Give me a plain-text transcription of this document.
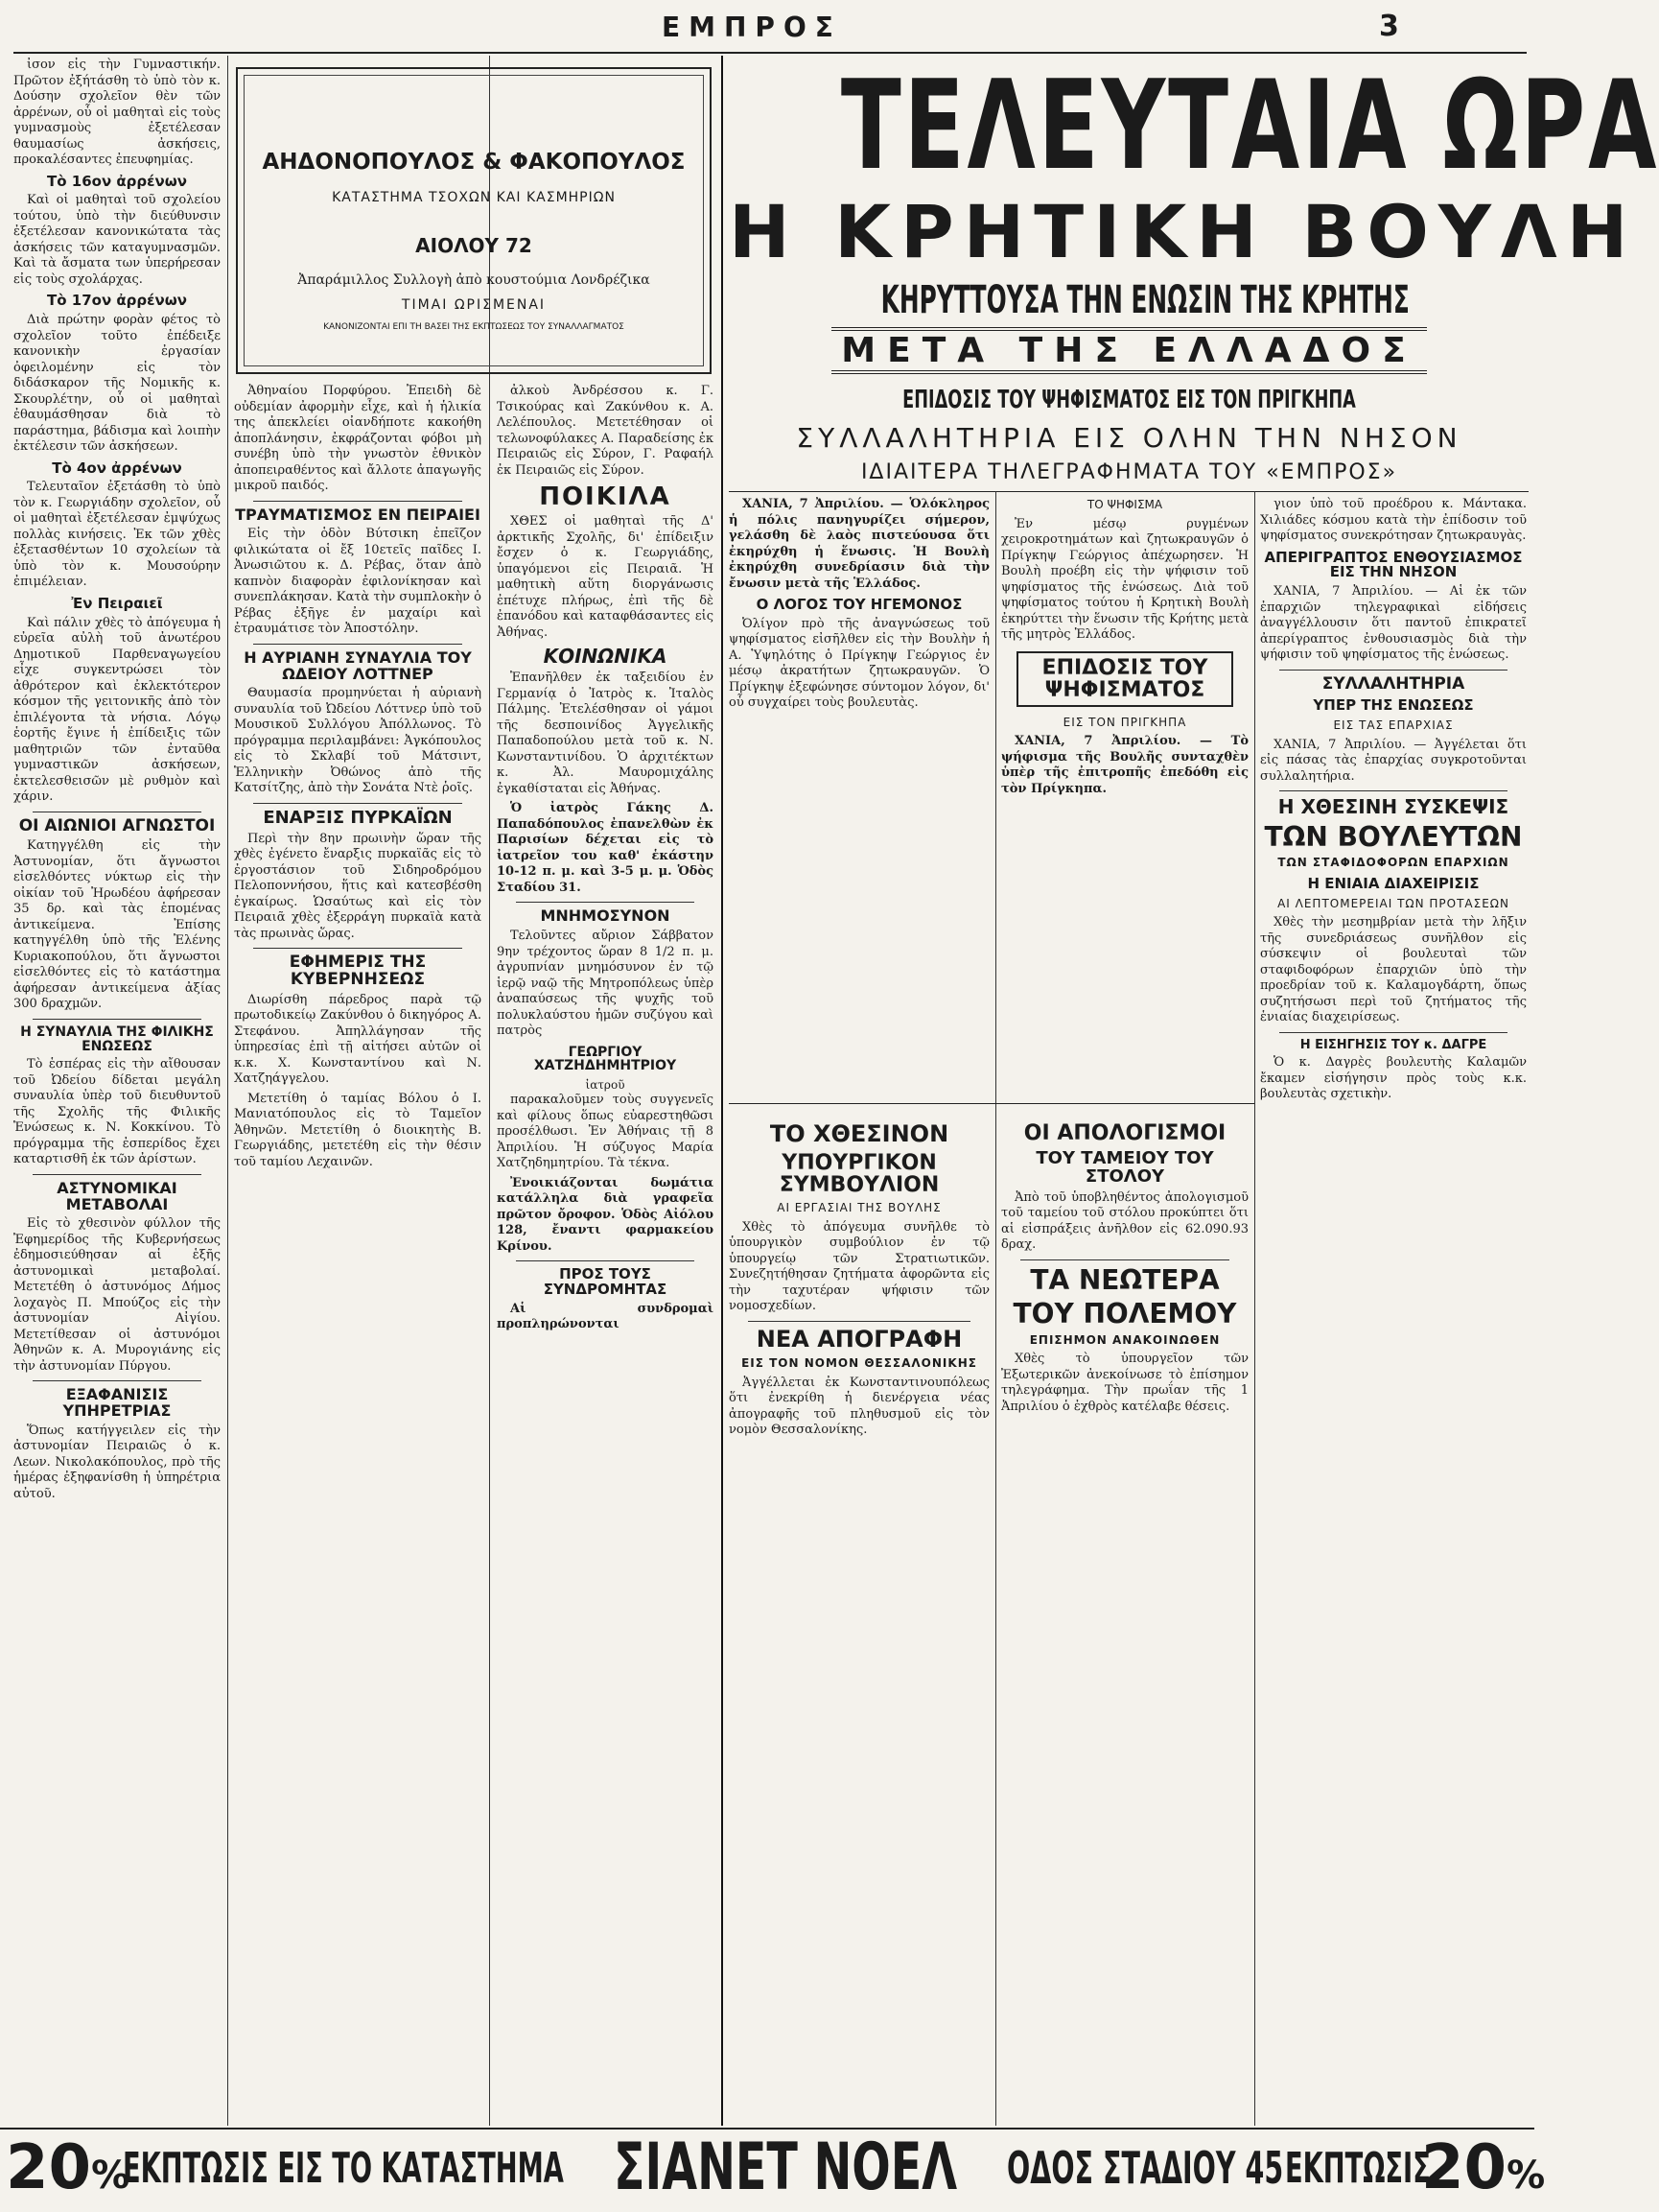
ΕΜΠΡΟΣ	3

ἰσον εἰς τὴν Γυμναστικήν. Πρῶτον ἐξήτάσθη τὸ ὑπὸ τὸν κ. Δούσην σχολεῖον θὲν τῶν ἀρρένων, οὗ οἱ μαθηταὶ εἰς τοὺς γυμνασμοὺς ἐξετέλεσαν θαυμασίως ἀσκήσεις, προκαλέσαντες ἐπευφημίας.

Τὸ 16ον ἀρρένων

Καὶ οἱ μαθηταὶ τοῦ σχολείου τούτου, ὑπὸ τὴν διεύθυνσιν ἐξετέλεσαν κανονικώτατα τὰς ἀσκήσεις τῶν καταγυμνασμῶν. Καὶ τὰ ἄσματα των ὑπερήρεσαν εἰς τοὺς σχολάρχας.

Τὸ 17ον ἀρρένων

Διὰ πρώτην φορὰν φέτος τὸ σχολεῖον τοῦτο ἐπέδειξε κανονικὴν ἐργασίαν ὀφειλομένην εἰς τὸν διδάσκαρον τῆς Νομικῆς κ. Σκουρλέτην, οὗ οἱ μαθηταὶ ἐθαυμάσθησαν διὰ τὸ παράστημα, βάδισμα καὶ λοιπὴν ἐκτέλεσιν τῶν ἀσκήσεων.

Τὸ 4ον ἀρρένων

Τελευταῖον ἐξετάσθη τὸ ὑπὸ τὸν κ. Γεωργιάδην σχολεῖον, οὗ οἱ μαθηταὶ ἐξετέλεσαν ἐμψύχως πολλὰς κινήσεις. Ἐκ τῶν χθὲς ἐξετασθέντων 10 σχολείων τὰ ὑπὸ τὸν κ. Μουσούρην ἐπιμέλειαν.

Ἐν Πειραιεῖ

Καὶ πάλιν χθὲς τὸ ἀπόγευμα ἡ εὐρεῖα αὐλὴ τοῦ ἀνωτέρου Δημοτικοῦ Παρθεναγωγείου εἶχε συγκεντρώσει τὸν ἀθρότερον καὶ ἐκλεκτότερον κόσμον τῆς γειτονικῆς ἀπὸ τὸν ἐπιλέγοντα τὰ νήσια. Λόγῳ ἑορτῆς ἔγινε ἡ ἐπίδειξις τῶν μαθητριῶν τῶν ἐνταῦθα γυμναστικῶν ἀσκήσεων, ἐκτελεσθεισῶν μὲ ρυθμὸν καὶ χάριν.

ΟΙ ΑΙΩΝΙΟΙ ΑΓΝΩΣΤΟΙ

Κατηγγέλθη εἰς τὴν Ἀστυνομίαν, ὅτι ἄγνωστοι εἰσελθόντες νύκτωρ εἰς τὴν οἰκίαν τοῦ Ἠρωδέου ἀφήρεσαν 35 δρ. καὶ τὰς ἑπομένας ἀντικείμενα. Ἐπίσης κατηγγέλθη ὑπὸ τῆς Ἐλένης Κυριακοπούλου, ὅτι ἄγνωστοι εἰσελθόντες εἰς τὸ κατάστημα ἀφήρεσαν ἀντικείμενα ἀξίας 300 δραχμῶν.

Η ΣΥΝΑΥΛΙΑ ΤΗΣ ΦΙΛΙΚΗΣ ΕΝΩΣΕΩΣ

Τὸ ἑσπέρας εἰς τὴν αἴθουσαν τοῦ Ὠδείου δίδεται μεγάλη συναυλία ὑπὲρ τοῦ διευθυντοῦ τῆς Σχολῆς τῆς Φιλικῆς Ἑνώσεως κ. Ν. Κοκκίνου. Τὸ πρόγραμμα τῆς ἐσπερίδος ἔχει καταρτισθῆ ἐκ τῶν ἀρίστων.

ΑΣΤΥΝΟΜΙΚΑΙ ΜΕΤΑΒΟΛΑΙ

Εἰς τὸ χθεσινὸν φύλλον τῆς Ἐφημερίδος τῆς Κυβερνήσεως ἐδημοσιεύθησαν αἱ ἑξῆς ἀστυνομικαὶ μεταβολαί. Μετετέθη ὁ ἀστυνόμος Δήμος λοχαγὸς Π. Μπούζος εἰς τὴν ἀστυνομίαν Αἰγίου. Μετετίθεσαν οἱ ἀστυνόμοι Ἀθηνῶν κ. Α. Μυρογιάνης εἰς τὴν ἀστυνομίαν Πύργου.

ΕΞΑΦΑΝΙΣΙΣ ΥΠΗΡΕΤΡΙΑΣ

Ὅπως κατήγγειλεν εἰς τὴν ἀστυνομίαν Πειραιῶς ὁ κ. Λεων. Νικολακόπουλος, πρὸ τῆς ἡμέρας ἐξηφανίσθη ἡ ὑπηρέτρια αὐτοῦ.

ΑΗΔΟΝΟΠΟΥΛΟΣ & ΦΑΚΟΠΟΥΛΟΣ
ΚΑΤΑΣΤΗΜΑ ΤΣΟΧΩΝ ΚΑΙ ΚΑΣΜΗΡΙΩΝ
ΑΙΟΛΟΥ 72
Ἀπαράμιλλος Συλλογὴ ἀπὸ κουστούμια Λονδρέζικα
ΤΙΜΑΙ ΩΡΙΣΜΕΝΑΙ
ΚΑΝΟΝΙΖΟΝΤΑΙ ΕΠΙ ΤΗ ΒΑΣΕΙ ΤΗΣ ΕΚΠΤΩΣΕΩΣ ΤΟΥ ΣΥΝΑΛΛΑΓΜΑΤΟΣ

Ἀθηναίου Πορφύρου. Ἐπειδὴ δὲ οὐδεμίαν ἀφορμὴν εἶχε, καὶ ἡ ἡλικία της ἀπεκλείει οἰανδήποτε κακοήθη ἀποπλάνησιν, ἐκφράζονται φόβοι μὴ συνέβη ὑπὸ τὴν γνωστὸν ἐθνικὸν ἀποπειραθέντος καὶ ἄλλοτε ἀπαγωγῆς μικροῦ παιδός.

ΤΡΑΥΜΑΤΙΣΜΟΣ ΕΝ ΠΕΙΡΑΙΕΙ

Εἰς τὴν ὁδὸν Βύτσικη ἐπεῖζον φιλικώτατα οἱ ἔξ 10ετεῖς παῖδες Ι. Ἀνωσιῶτου κ. Δ. Ρέβας, ὅταν ἀπὸ καπνὸν διαφορὰν ἐφιλονίκησαν καὶ συνεπλάκησαν. Κατὰ τὴν συμπλοκὴν ὁ Ρέβας ἐξῆγε ἐν μαχαίρι καὶ ἐτραυμάτισε τὸν Ἀποστόλην.

Η ΑΥΡΙΑΝΗ ΣΥΝΑΥΛΙΑ ΤΟΥ ΩΔΕΙΟΥ ΛΟΤΤΝΕΡ

Θαυμασία προμηνύεται ἡ αὐριανὴ συναυλία τοῦ Ὠδείου Λόττνερ ὑπὸ τοῦ Μουσικοῦ Συλλόγου Ἀπόλλωνος. Τὸ πρόγραμμα περιλαμβάνει: Ἀγκόπουλος εἰς τὸ Σκλαβί τοῦ Μάτσιντ, Ἑλληνικὴν Ὀθώνος ἀπὸ τῆς Κατσίτζης, ἀπὸ τὴν Σονάτα Ντὲ ῥοῖς.

ΕΝΑΡΞΙΣ ΠΥΡΚΑΪΩΝ

Περὶ τὴν 8ην πρωινὴν ὥραν τῆς χθὲς ἐγένετο ἔναρξις πυρκαϊᾶς εἰς τὸ ἐργοστάσιον τοῦ Σιδηροδρόμου Πελοποννήσου, ἥτις καὶ κατεσβέσθη ἐγκαίρως. Ὡσαύτως καὶ εἰς τὸν Πειραιᾶ χθὲς ἐξερράγη πυρκαϊὰ κατὰ τὰς πρωινὰς ὥρας.

ΕΦΗΜΕΡΙΣ ΤΗΣ ΚΥΒΕΡΝΗΣΕΩΣ

Διωρίσθη πάρεδρος παρὰ τῷ πρωτοδικείῳ Ζακύνθου ὁ δικηγόρος Α. Στεφάνου. Ἀπηλλάγησαν τῆς ὑπηρεσίας ἐπὶ τῇ αἰτήσει αὐτῶν οἱ κ.κ. Χ. Κωνσταντίνου καὶ Ν. Χατζηάγγελου.

Μετετίθη ὁ ταμίας Βόλου ὁ Ι. Μανιατόπουλος εἰς τὸ Ταμεῖον Ἀθηνῶν. Μετετίθη ὁ διοικητὴς Β. Γεωργιάδης, μετετέθη εἰς τὴν θέσιν τοῦ ταμίου Λεχαινῶν.

ἀλκοὺ Ἀνδρέσσου κ. Γ. Τσικούρας καὶ Ζακύνθου κ. Α. Λελέπουλος. Μετετέθησαν οἱ τελωνοφύλακες Α. Παραδείσης ἐκ Πειραιῶς εἰς Σύρον, Γ. Ραφαήλ ἐκ Πειραιῶς εἰς Σύρον.

ΠΟΙΚΙΛΑ

ΧΘΕΣ οἱ μαθηταὶ τῆς Δ' ἀρκτικῆς Σχολῆς, δι' ἐπίδειξιν ἔσχεν ὁ κ. Γεωργιάδης, ὑπαγόμενοι εἰς Πειραιᾶ. Ἡ μαθητικὴ αὕτη διοργάνωσις ἐπέτυχε πλήρως, ἐπὶ τῆς δὲ ἐπανόδου καὶ καταφθάσαντες εἰς Ἀθήνας.

ΚΟΙΝΩΝΙΚΑ

Ἐπανῆλθεν ἐκ ταξειδίου ἐν Γερμανίᾳ ὁ Ἰατρὸς κ. Ἰταλὸς Πάλμης. Ἐτελέσθησαν οἱ γάμοι τῆς δεσποινίδος Ἀγγελικῆς Παπαδοπούλου μετὰ τοῦ κ. Ν. Κωνσταντινίδου. Ὁ ἀρχιτέκτων κ. Ἀλ. Μαυρομιχάλης ἐγκαθίσταται εἰς Ἀθήνας.

Ὁ ἰατρὸς Γάκης Δ. Παπαδόπουλος ἐπανελθὼν ἐκ Παρισίων δέχεται εἰς τὸ ἰατρεῖον του καθ' ἑκάστην 10-12 π. μ. καὶ 3-5 μ. μ. Ὁδὸς Σταδίου 31.

ΜΝΗΜΟΣΥΝΟΝ

Τελοῦντες αὔριον Σάββατον 9ην τρέχοντος ὥραν 8 1/2 π. μ. ἀγρυπνίαν μνημόσυνον ἐν τῷ ἱερῷ ναῷ τῆς Μητροπόλεως ὑπὲρ ἀναπαύσεως τῆς ψυχῆς τοῦ πολυκλαύστου ἡμῶν συζύγου καὶ πατρὸς

ΓΕΩΡΓΙΟΥ ΧΑΤΖΗΔΗΜΗΤΡΙΟΥ
ἰατροῦ

παρακαλοῦμεν τοὺς συγγενεῖς καὶ φίλους ὅπως εὐαρεστηθῶσι προσέλθωσι. Ἐν Ἀθήναις τῇ 8 Ἀπριλίου. Ἡ σύζυγος Μαρία Χατζηδημητρίου. Τὰ τέκνα.

Ἐνοικιάζονται δωμάτια κατάλληλα διὰ γραφεῖα πρῶτον ὄροφον. Ὁδὸς Αἰόλου 128, ἔναντι φαρμακείου Κρίνου.

ΠΡΟΣ ΤΟΥΣ ΣΥΝΔΡΟΜΗΤΑΣ

Αἱ συνδρομαὶ προπληρώνονται

ΤΕΛΕΥΤΑΙΑ ΩΡΑ
Η ΚΡΗΤΙΚΗ ΒΟΥΛΗ
ΚΗΡΥΤΤΟΥΣΑ ΤΗΝ ΕΝΩΣΙΝ ΤΗΣ ΚΡΗΤΗΣ
ΜΕΤΑ ΤΗΣ ΕΛΛΑΔΟΣ
ΕΠΙΔΟΣΙΣ ΤΟΥ ΨΗΦΙΣΜΑΤΟΣ ΕΙΣ ΤΟΝ ΠΡΙΓΚΗΠΑ
ΣΥΛΛΑΛΗΤΗΡΙΑ ΕΙΣ ΟΛΗΝ ΤΗΝ ΝΗΣΟΝ
ΙΔΙΑΙΤΕΡΑ ΤΗΛΕΓΡΑΦΗΜΑΤΑ ΤΟΥ «ΕΜΠΡΟΣ»

ΧΑΝΙΑ, 7 Ἀπριλίου. — Ὁλόκληρος ἡ πόλις πανηγυρίζει σήμερον, γελάσθη δὲ λαὸς πιστεύουσα ὅτι ἐκηρύχθη ἡ ἕνωσις. Ἡ Βουλὴ ἐκηρύχθη συνεδρίασιν διὰ τὴν ἔνωσιν μετὰ τῆς Ἑλλάδος.

Ο ΛΟΓΟΣ ΤΟΥ ΗΓΕΜΟΝΟΣ

Ὀλίγον πρὸ τῆς ἀναγνώσεως τοῦ ψηφίσματος εἰσῆλθεν εἰς τὴν Βουλὴν ἡ Α. Ὑψηλότης ὁ Πρίγκηψ Γεώργιος ἐν μέσῳ ἀκρατήτων ζητωκραυγῶν. Ὁ Πρίγκηψ ἐξεφώνησε σύντομον λόγον, δι' οὗ συγχαίρει τοὺς βουλευτὰς.

ΤΟ ΨΗΦΙΣΜΑ

Ἐν μέσῳ ρυγμένων χειροκροτημάτων καὶ ζητωκραυγῶν ὁ Πρίγκηψ Γεώργιος ἀπέχωρησεν. Ἡ Βουλὴ προέβη εἰς τὴν ψήφισιν τοῦ ψηφίσματος τῆς ἑνώσεως. Διὰ τοῦ ψηφίσματος τούτου ἡ Κρητικὴ Βουλὴ ἐκηρύττει τὴν ἕνωσιν τῆς Κρήτης μετὰ τῆς μητρὸς Ἑλλάδος.

ΕΠΙΔΟΣΙΣ ΤΟΥ ΨΗΦΙΣΜΑΤΟΣ
ΕΙΣ ΤΟΝ ΠΡΙΓΚΗΠΑ

ΧΑΝΙΑ, 7 Ἀπριλίου. — Τὸ ψήφισμα τῆς Βουλῆς συνταχθὲν ὑπὲρ τῆς ἐπιτροπῆς ἐπεδόθη εἰς τὸν Πρίγκηπα.

γιον ὑπὸ τοῦ προέδρου κ. Μάντακα. Χιλιάδες κόσμου κατὰ τὴν ἐπίδοσιν τοῦ ψηφίσματος συνεκρότησαν ζητωκραυγὰς.

ΑΠΕΡΙΓΡΑΠΤΟΣ ΕΝΘΟΥΣΙΑΣΜΟΣ ΕΙΣ ΤΗΝ ΝΗΣΟΝ

ΧΑΝΙΑ, 7 Ἀπριλίου. — Αἱ ἐκ τῶν ἐπαρχιῶν τηλεγραφικαὶ εἰδήσεις ἀναγγέλλουσιν ὅτι παντοῦ ἐπικρατεῖ ἀπερίγραπτος ἐνθουσιασμὸς διὰ τὴν ψήφισιν τοῦ ψηφίσματος τῆς ἑνώσεως.

ΣΥΛΛΑΛΗΤΗΡΙΑ
ΥΠΕΡ ΤΗΣ ΕΝΩΣΕΩΣ
ΕΙΣ ΤΑΣ ΕΠΑΡΧΙΑΣ

ΧΑΝΙΑ, 7 Ἀπριλίου. — Ἀγγέλεται ὅτι εἰς πάσας τὰς ἐπαρχίας συγκροτοῦνται συλλαλητήρια.

Η ΧΘΕΣΙΝΗ ΣΥΣΚΕΨΙΣ
ΤΩΝ ΒΟΥΛΕΥΤΩΝ
ΤΩΝ ΣΤΑΦΙΔΟΦΟΡΩΝ ΕΠΑΡΧΙΩΝ
Η ΕΝΙΑΙΑ ΔΙΑΧΕΙΡΙΣΙΣ
ΑΙ ΛΕΠΤΟΜΕΡΕΙΑΙ ΤΩΝ ΠΡΟΤΑΣΕΩΝ

Χθὲς τὴν μεσημβρίαν μετὰ τὴν λῆξιν τῆς συνεδριάσεως συνῆλθον εἰς σύσκεψιν οἱ βουλευταὶ τῶν σταφιδοφόρων ἐπαρχιῶν ὑπὸ τὴν προεδρίαν τοῦ κ. Καλαμογδάρτη, ὅπως συζητήσωσι περὶ τοῦ ζητήματος τῆς ἑνιαίας διαχειρίσεως.

Η ΕΙΣΗΓΗΣΙΣ ΤΟΥ κ. ΔΑΓΡΕ

Ὁ κ. Δαγρὲς βουλευτὴς Καλαμῶν ἔκαμεν εἰσήγησιν πρὸς τοὺς κ.κ. βουλευτὰς σχετικὴν.

ΤΟ ΧΘΕΣΙΝΟΝ
ΥΠΟΥΡΓΙΚΟΝ ΣΥΜΒΟΥΛΙΟΝ
ΑΙ ΕΡΓΑΣΙΑΙ ΤΗΣ ΒΟΥΛΗΣ

Χθὲς τὸ ἀπόγευμα συνῆλθε τὸ ὑπουργικὸν συμβούλιον ἐν τῷ ὑπουργείῳ τῶν Στρατιωτικῶν. Συνεζητήθησαν ζητήματα ἀφορῶντα εἰς τὴν ταχυτέραν ψήφισιν τῶν νομοσχεδίων.

ΝΕΑ ΑΠΟΓΡΑΦΗ
ΕΙΣ ΤΟΝ ΝΟΜΟΝ ΘΕΣΣΑΛΟΝΙΚΗΣ

Ἀγγέλλεται ἐκ Κωνσταντινουπόλεως ὅτι ἐνεκρίθη ἡ διενέργεια νέας ἀπογραφῆς τοῦ πληθυσμοῦ εἰς τὸν νομὸν Θεσσαλονίκης.

ΟΙ ΑΠΟΛΟΓΙΣΜΟΙ
ΤΟΥ ΤΑΜΕΙΟΥ ΤΟΥ ΣΤΟΛΟΥ

Ἀπὸ τοῦ ὑποβληθέντος ἀπολογισμοῦ τοῦ ταμείου τοῦ στόλου προκύπτει ὅτι αἱ εἰσπράξεις ἀνῆλθον εἰς 62.090.93 δραχ.

ΤΑ ΝΕΩΤΕΡΑ
ΤΟΥ ΠΟΛΕΜΟΥ
ΕΠΙΣΗΜΟΝ ΑΝΑΚΟΙΝΩΘΕΝ

Χθὲς τὸ ὑπουργεῖον τῶν Ἐξωτερικῶν ἀνεκοίνωσε τὸ ἐπίσημον τηλεγράφημα. Τὴν πρωΐαν τῆς 1 Ἀπριλίου ὁ ἐχθρὸς κατέλαβε θέσεις.

20%
ΕΚΠΤΩΣΙΣ ΕΙΣ ΤΟ ΚΑΤΑΣΤΗΜΑ ΣΙΑΝΕΤ ΝΟΕΛ ΟΔΟΣ ΣΤΑΔΙΟΥ 45 ΕΚΠΤΩΣΙΣ
20%
